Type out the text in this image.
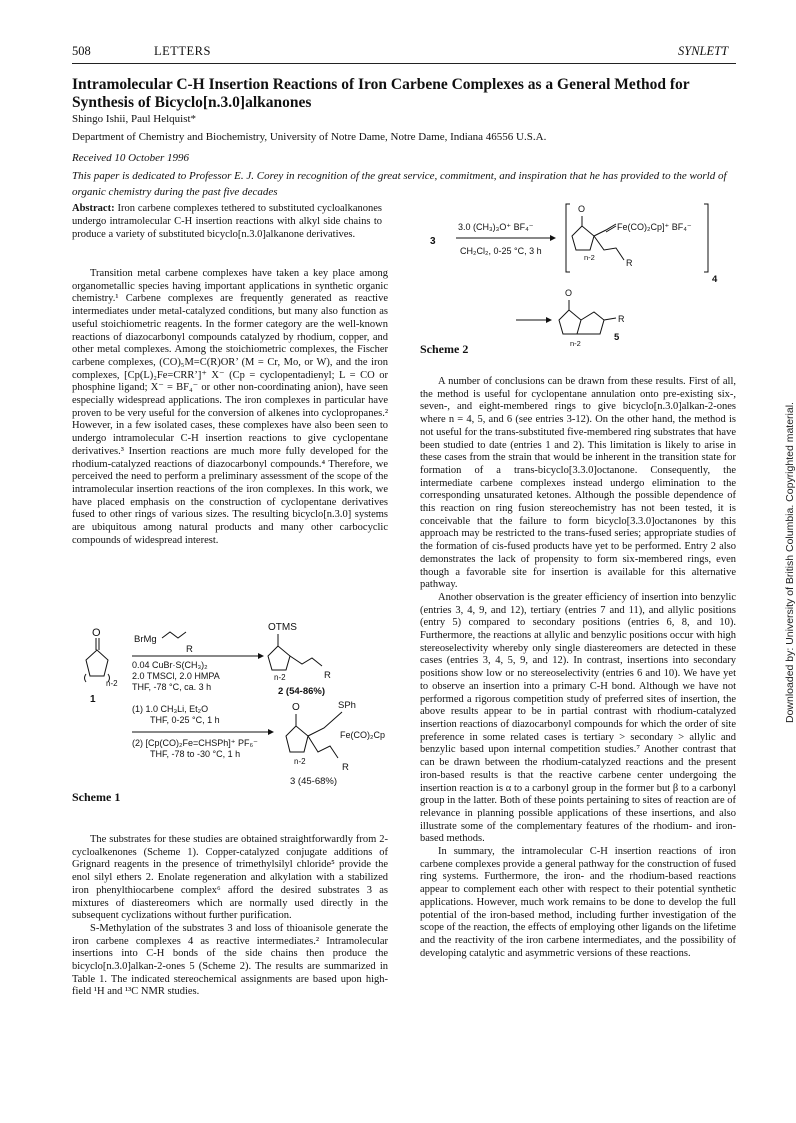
508	LETTERS	SYNLETT
Intramolecular C-H Insertion Reactions of Iron Carbene Complexes as a General Method for Synthesis of Bicyclo[n.3.0]alkanones
Shingo Ishii, Paul Helquist*
Department of Chemistry and Biochemistry, University of Notre Dame, Notre Dame, Indiana 46556 U.S.A.
Received 10 October 1996
This paper is dedicated to Professor E. J. Corey in recognition of the great service, commitment, and inspiration that he has provided to the world of organic chemistry during the past five decades
Abstract: Iron carbene complexes tethered to substituted cycloalkanones undergo intramolecular C-H insertion reactions with alkyl side chains to produce a variety of substituted bicyclo[n.3.0]alkanone derivatives.

Transition metal carbene complexes have taken a key place among organometallic species having important applications in synthetic organic chemistry.¹ Carbene complexes are frequently generated as reactive intermediates under metal-catalyzed conditions, but many also function as useful stoichiometric reagents. In the former category are the well-known reactions of diazocarbonyl compounds catalyzed by rhodium, copper, and other metal complexes. Among the stoichiometric complexes, the Fischer carbene complexes, (CO)₅M=C(R)OR’ (M = Cr, Mo, or W), and the iron complexes, [Cp(L)₂Fe=CRR’]⁺ X⁻ (Cp = cyclopentadienyl; L = CO or phosphine ligand; X⁻ = BF₄⁻ or other non-coordinating anion), have seen especially widespread applications. The iron complexes in particular have proven to be very useful for the conversion of alkenes into cyclopropanes.² However, in a few isolated cases, these complexes have also been seen to undergo intramolecular C-H insertion reactions to give cyclopentane derivatives.³ Insertion reactions are much more fully developed for the rhodium-catalyzed reactions of diazocarbonyl compounds.⁴ Therefore, we perceived the need to perform a preliminary assessment of the scope of the intramolecular insertion reactions of the iron complexes. In this work, we have placed emphasis on the construction of cyclopentane derivatives fused to other rings of various sizes. The resulting bicyclo[n.3.0] systems are ubiquitous among natural products and many other carbocyclic compounds of widespread interest.

O
n-2
1
BrMg
R
0.04 CuBr·S(CH₃)₂
2.0 TMSCl, 2.0 HMPA
THF, -78 °C, ca. 3 h
OTMS
R
n-2
2 (54-86%)
(1) 1.0 CH₃Li, Et₂O
THF, 0-25 °C, 1 h
(2) [Cp(CO)₂Fe=CHSPh]⁺ PF₆⁻
THF, -78 to -30 °C, 1 h
SPh
O
Fe(CO)₂Cp
R
n-2
3 (45-68%)
Scheme 1

The substrates for these studies are obtained straightforwardly from 2-cycloalkenones (Scheme 1). Copper-catalyzed conjugate additions of Grignard reagents in the presence of trimethylsilyl chloride⁵ provide the enol silyl ethers 2. Enolate regeneration and alkylation with a stabilized iron phenylthiocarbene complex⁶ afford the desired substrates 3 as mixtures of diastereomers which are normally used directly in the subsequent cyclizations without further purification.

S-Methylation of the substrates 3 and loss of thioanisole generate the iron carbene complexes 4 as reactive intermediates.² Intramolecular insertions into C-H bonds of the side chains then produce the bicyclo[n.3.0]alkan-2-ones 5 (Scheme 2). The results are summarized in Table 1. The indicated stereochemical assignments are based upon high-field ¹H and ¹³C NMR studies.

3
3.0 (CH₃)₃O⁺ BF₄⁻
CH₂Cl₂, 0-25 °C, 3 h
O
Fe(CO)₂Cp]⁺ BF₄⁻
R
n-2
4
O
R
n-2
5
Scheme 2

A number of conclusions can be drawn from these results. First of all, the method is useful for cyclopentane annulation onto pre-existing six-, seven-, and eight-membered rings to give bicyclo[n.3.0]alkan-2-ones where n = 4, 5, and 6 (see entries 3-12). On the other hand, the method is not useful for the trans-substituted five-membered ring substrates that have been studied to date (entries 1 and 2). This limitation is likely to arise in these cases from the strain that would be inherent in the transition state for formation of a trans-bicyclo[3.3.0]octanone. Consequently, the intermediate carbene complexes instead undergo elimination to the corresponding unsaturated ketones. Although the possible dependence of this reaction on ring fusion stereochemistry has not been tested, it is conceivable that the failure to form bicyclo[3.3.0]octanones by this approach may be restricted to the trans-fused series; appropriate studies of the formation of cis-fused products have yet to be performed. Entry 2 also demonstrates the lack of propensity to form six-membered rings, even though a favorable site for insertion is available for this alternative pathway.

Another observation is the greater efficiency of insertion into benzylic (entries 3, 4, 9, and 12), tertiary (entries 7 and 11), and allylic positions (entry 5) compared to secondary positions (entries 6, 8, and 10). Furthermore, the reactions at allylic and benzylic positions occur with high stereoselectivity whereby only single diastereomers are detected in these cases (entries 3, 4, 5, 9, and 12). In contrast, insertions into secondary positions show low or no stereoselectivity (entries 6 and 10). We have yet to observe an insertion into a primary C-H bond. Although we have not performed a rigorous competition study of preferred sites of insertion, the above results appear to be in partial contrast with rhodium-catalyzed insertion reactions of diazocarbonyl compounds for which the order of site preference in some related cases is tertiary > secondary > allylic and benzylic based upon internal competition studies.⁷ Another contrast that can be drawn between the rhodium-catalyzed reactions and the present iron-based results is that the reactive carbene center undergoing the insertion reaction is α to a carbonyl group in the former but β to a carbonyl group in the latter. Both of these points pertaining to sites of reaction are of relevance in planning possible applications of these insertions, and also illustrate some of the complementary features of the rhodium- and iron-based methods.

In summary, the intramolecular C-H insertion reactions of iron carbene complexes provide a general pathway for the construction of fused ring systems. Furthermore, the iron- and the rhodium-based reactions appear to complement each other with respect to their potential synthetic applications. However, much work remains to be done to develop the full potential of the iron-based method, including further investigation of the scope of the reaction, the effects of employing other ligands on the lifetime and the reactivity of the iron carbene intermediates, and the possibility of developing catalytic and asymmetric versions of these reactions.

Downloaded by: University of British Columbia. Copyrighted material.
